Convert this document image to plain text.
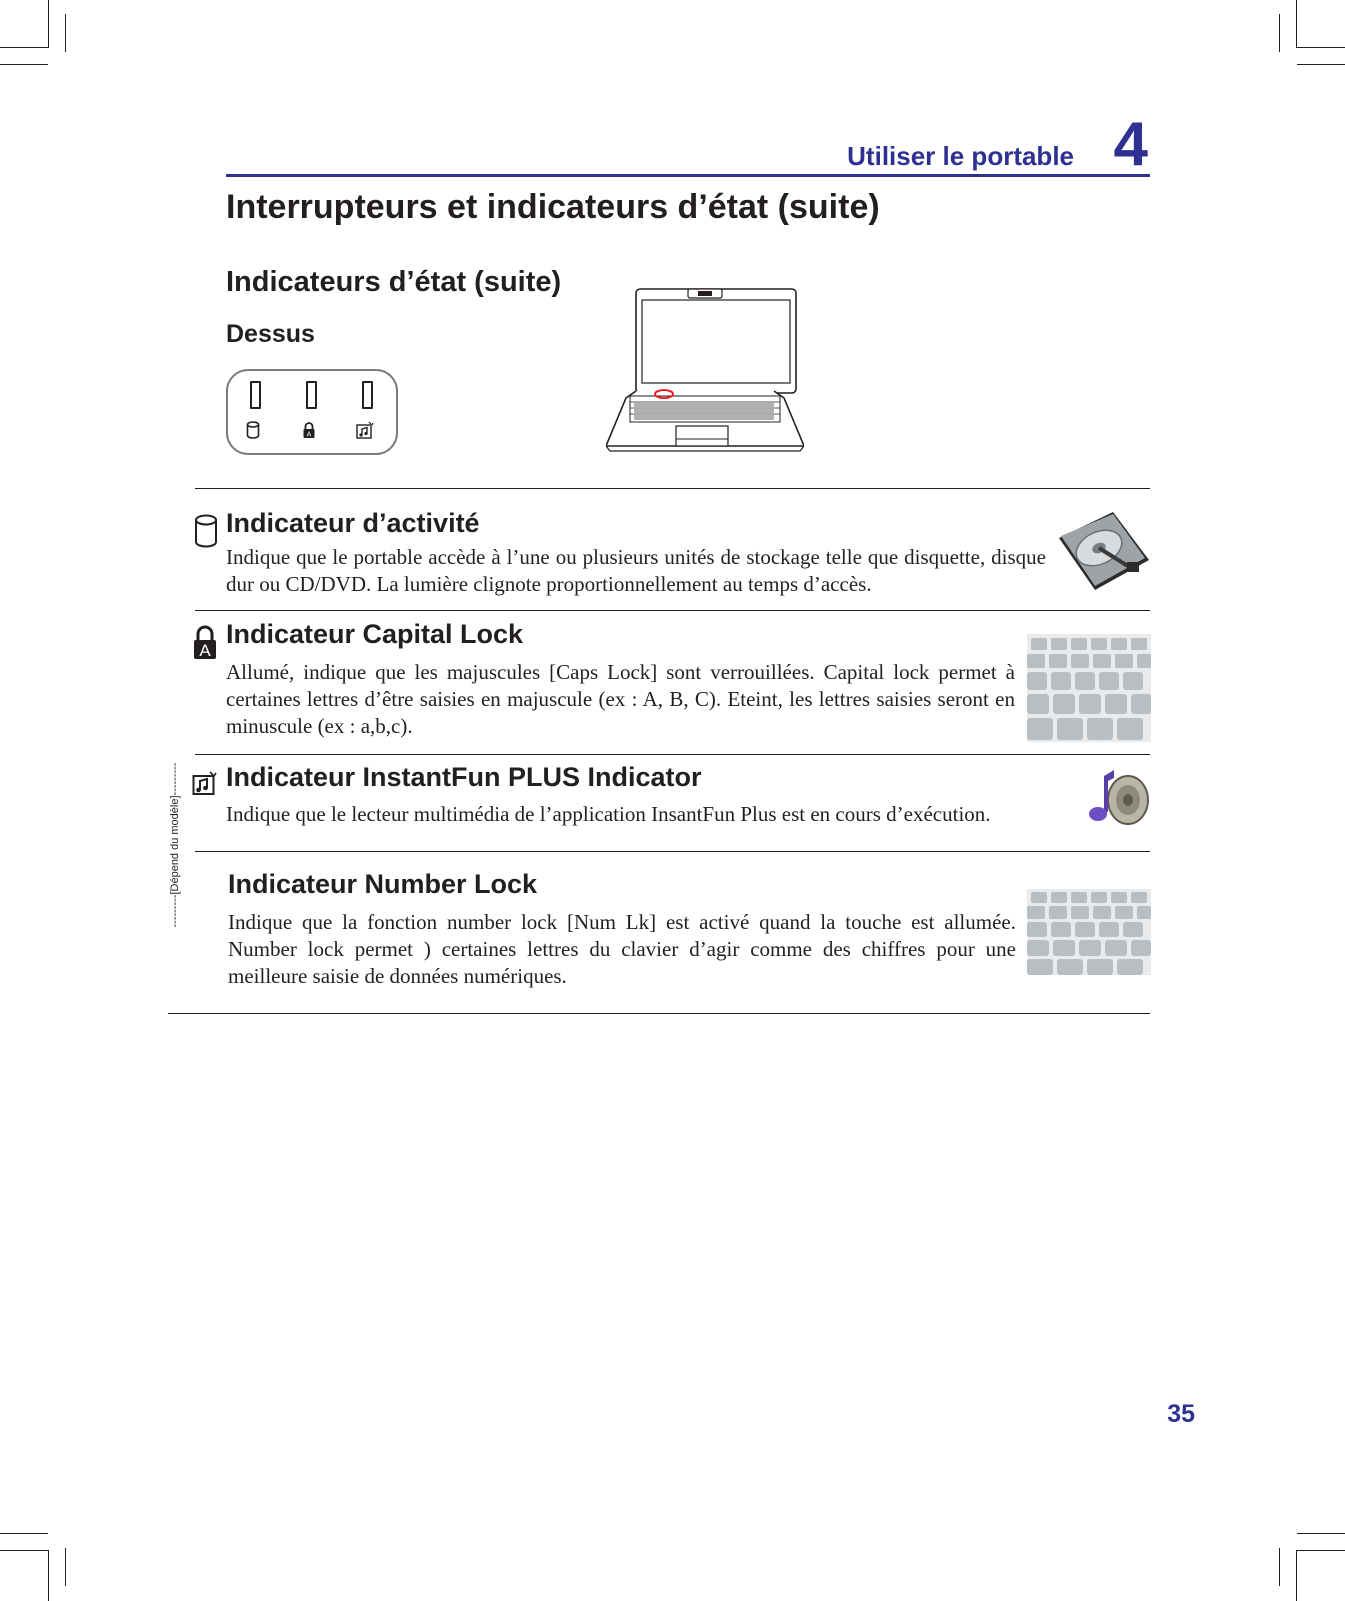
Utiliser le portable 4
Interrupteurs et indicateurs d’état (suite)
Indicateurs d’état (suite)
Dessus
A
Indicateur d’activité
Indique que le portable accède à l’une ou plusieurs unités de stockage telle que disquette, disque dur ou CD/DVD. La lumière clignote proportionnellement au temps d’accès.
A
Indicateur Capital Lock
Allumé, indique que les majuscules [Caps Lock] sont verrouillées. Capital lock permet à certaines lettres d’être saisies en majuscule (ex : A, B, C). Eteint, les lettres saisies seront en minuscule (ex : a,b,c).
---------[Dépend du modèle]--------- Indicateur InstantFun PLUS Indicator
Indique que le lecteur multimédia de l’application InsantFun Plus est en cours d’exécution.
Indicateur Number Lock
Indique que la fonction number lock [Num Lk] est activé quand la touche est allumée. Number lock permet ) certaines lettres du clavier d’agir comme des chiffres pour une meilleure saisie de données numériques.
35
